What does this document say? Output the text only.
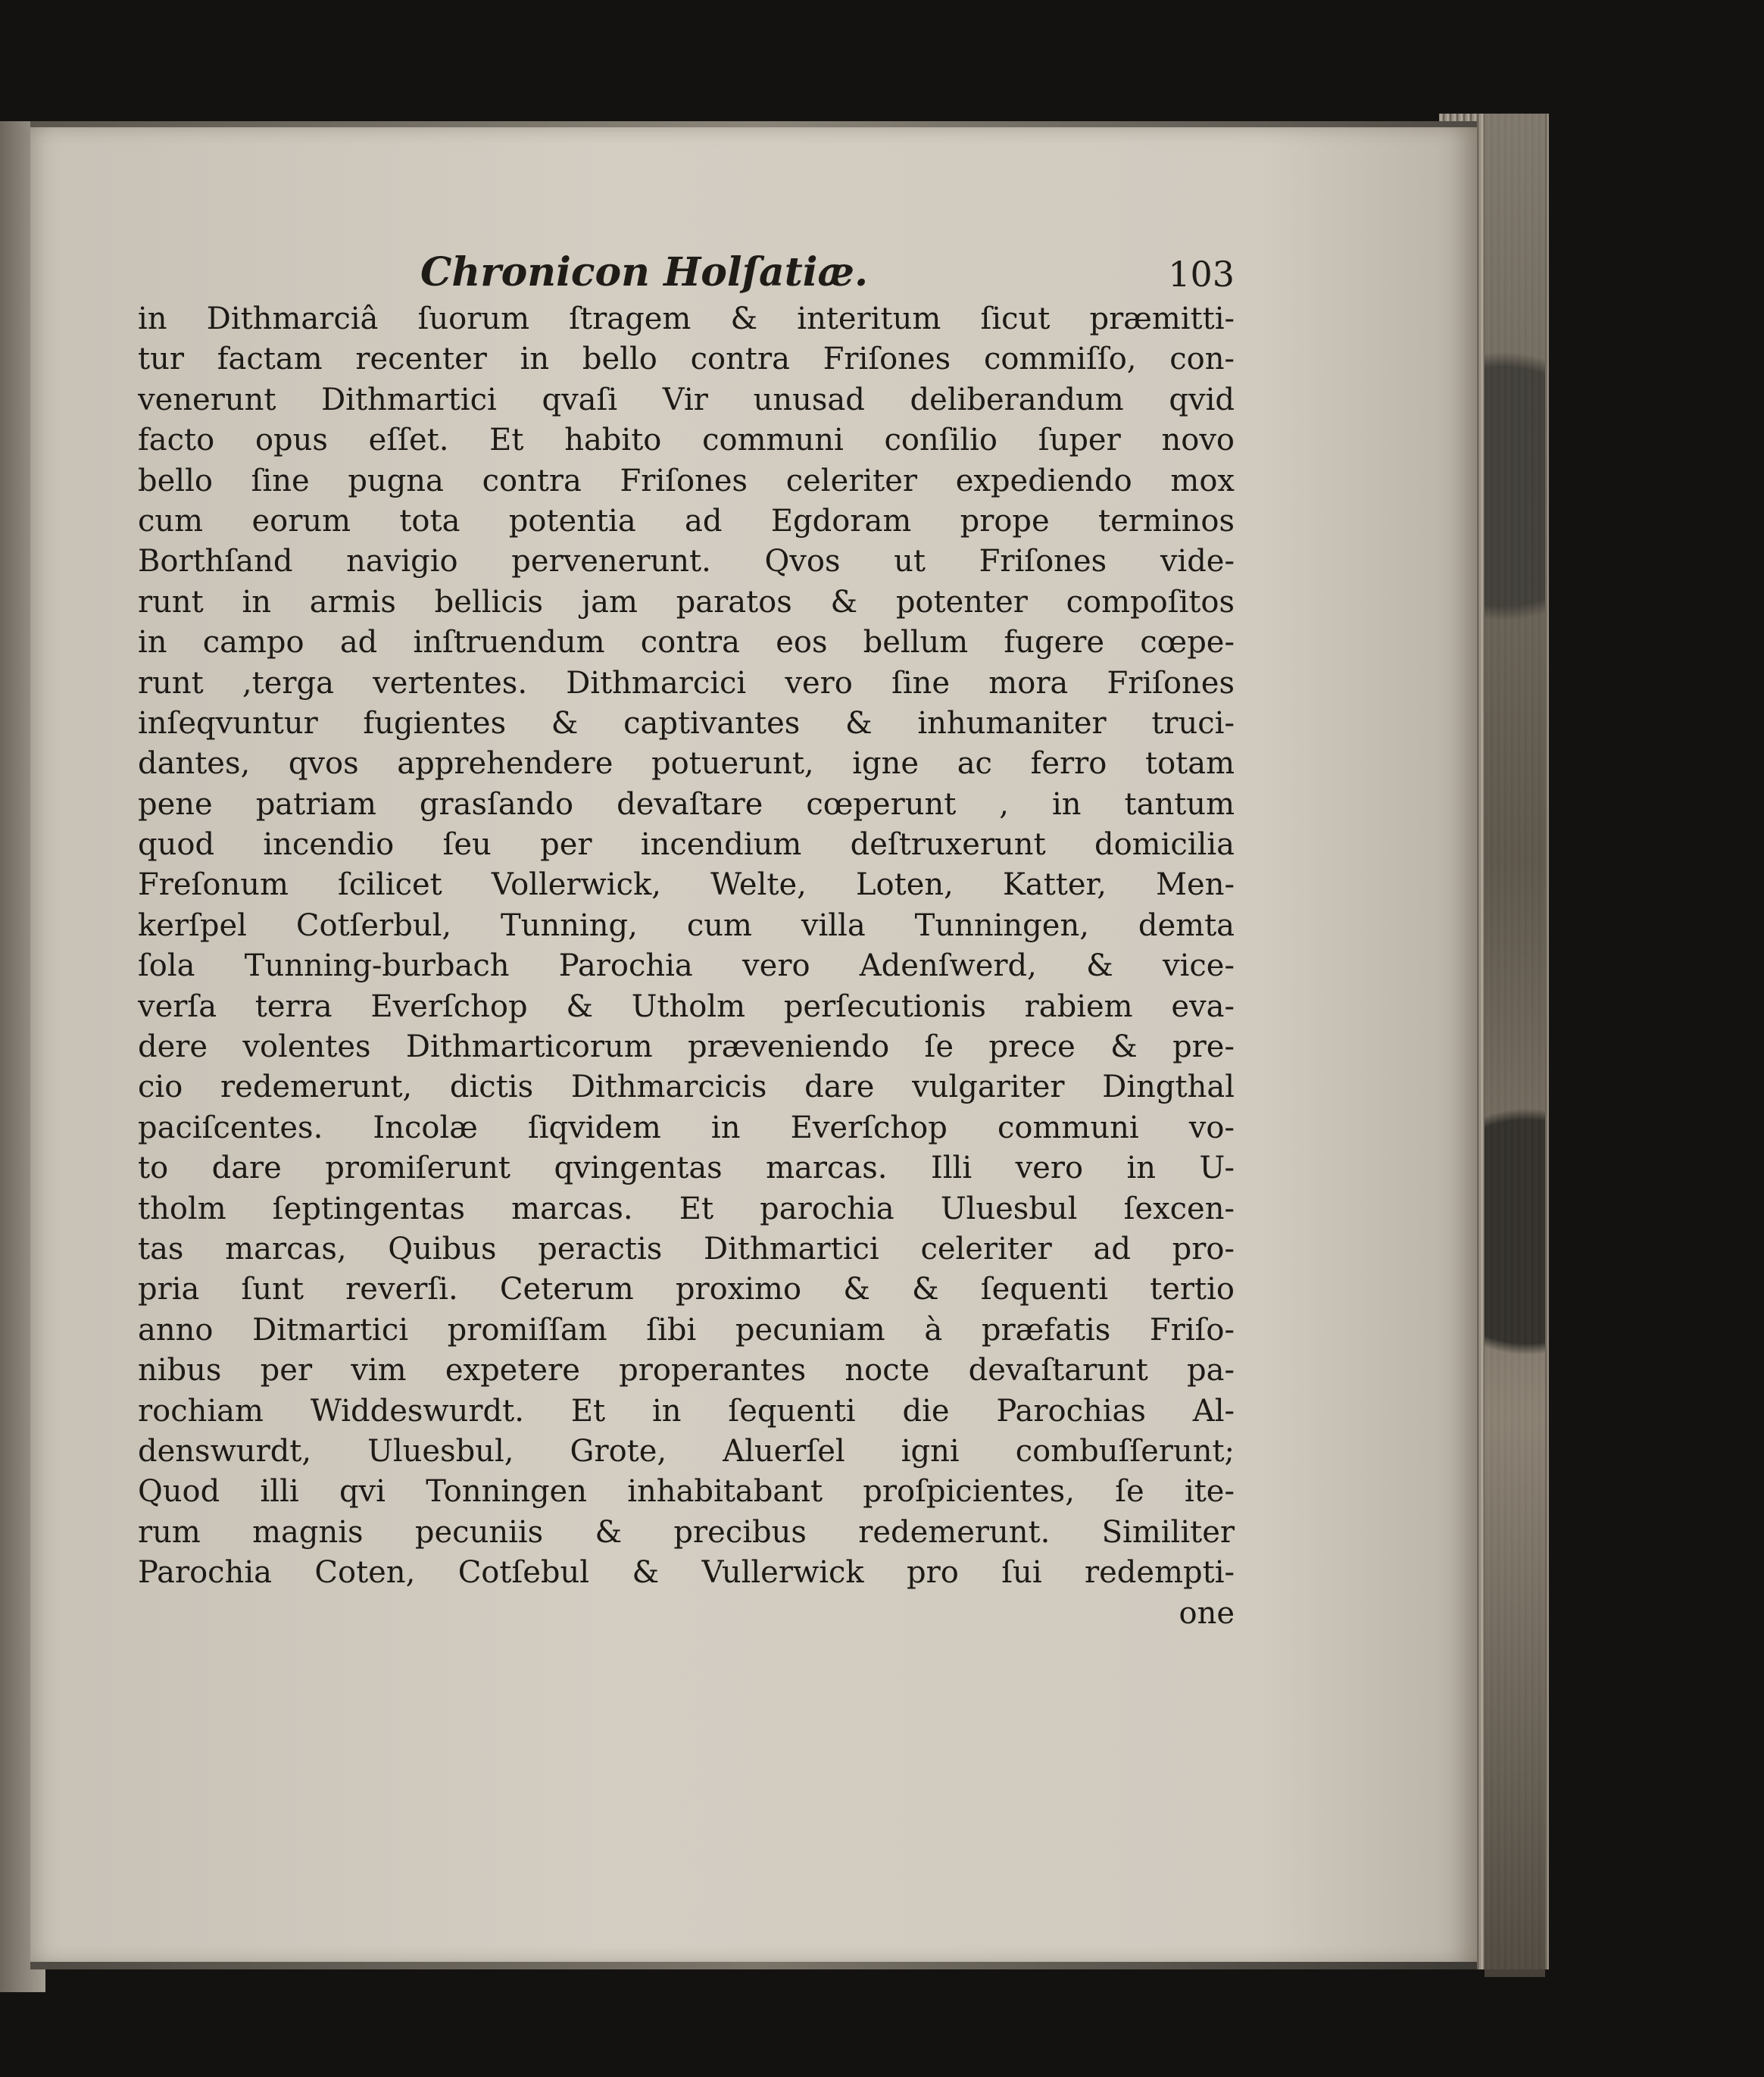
Chronicon Holſatiæ.	103
in Dithmarciâ ſuorum ſtragem & interitum ſicut præmitti-
tur factam recenter in bello contra Friſones commiſſo, con-
venerunt Dithmartici qvaſi Vir unusad deliberandum qvid
facto opus eſſet. Et habito communi conſilio ſuper novo
bello ſine pugna contra Friſones celeriter expediendo mox
cum eorum tota potentia ad Egdoram prope terminos
Borthſand navigio pervenerunt. Qvos ut Friſones vide-
runt in armis bellicis jam paratos & potenter compoſitos
in campo ad inſtruendum contra eos bellum fugere cœpe-
runt ,terga vertentes. Dithmarcici vero ſine mora Friſones
inſeqvuntur fugientes & captivantes & inhumaniter truci-
dantes, qvos apprehendere potuerunt, igne ac ferro totam
pene patriam grasſando devaſtare cœperunt , in tantum
quod incendio ſeu per incendium deſtruxerunt domicilia
Freſonum ſcilicet Vollerwick, Welte, Loten, Katter, Men-
kerſpel Cotſerbul, Tunning, cum villa Tunningen, demta
ſola Tunning-burbach Parochia vero Adenſwerd, & vice-
verſa terra Everſchop & Utholm perſecutionis rabiem eva-
dere volentes Dithmarticorum præveniendo ſe prece & pre-
cio redemerunt, dictis Dithmarcicis dare vulgariter Dingthal
paciſcentes. Incolæ ſiqvidem in Everſchop communi vo-
to dare promiſerunt qvingentas marcas. Illi vero in U-
tholm ſeptingentas marcas. Et parochia Uluesbul ſexcen-
tas marcas, Quibus peractis Dithmartici celeriter ad pro-
pria ſunt reverſi. Ceterum proximo & & ſequenti tertio
anno Ditmartici promiſſam ſibi pecuniam à præfatis Friſo-
nibus per vim expetere properantes nocte devaſtarunt pa-
rochiam Widdeswurdt. Et in ſequenti die Parochias Al-
denswurdt, Uluesbul, Grote, Aluerſel igni combuſſerunt;
Quod illi qvi Tonningen inhabitabant proſpicientes, ſe ite-
rum magnis pecuniis & precibus redemerunt. Similiter
Parochia Coten, Cotſebul & Vullerwick pro ſui redempti-
one
